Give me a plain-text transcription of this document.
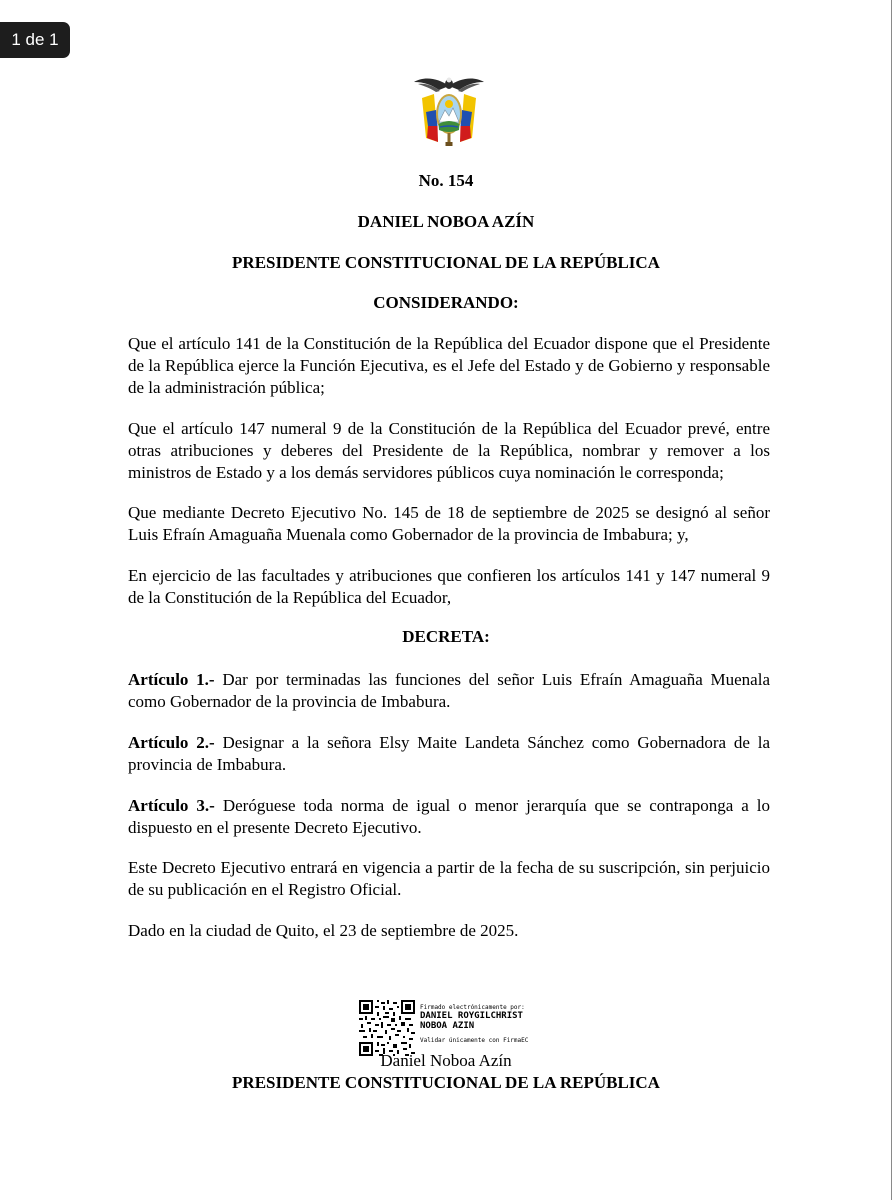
No. 154
DANIEL NOBOA AZÍN
PRESIDENTE CONSTITUCIONAL DE LA REPÚBLICA
CONSIDERANDO:
Que el artículo 141 de la Constitución de la República del Ecuador dispone que el Presidente de la República ejerce la Función Ejecutiva, es el Jefe del Estado y de Gobierno y responsable de la administración pública;
Que el artículo 147 numeral 9 de la Constitución de la República del Ecuador prevé, entre otras atribuciones y deberes del Presidente de la República, nombrar y remover a los ministros de Estado y a los demás servidores públicos cuya nominación le corresponda;
Que mediante Decreto Ejecutivo No. 145 de 18 de septiembre de 2025 se designó al señor Luis Efraín Amaguaña Muenala como Gobernador de la provincia de Imbabura; y,
En ejercicio de las facultades y atribuciones que confieren los artículos 141 y 147 numeral 9 de la Constitución de la República del Ecuador,
DECRETA:
Artículo 1.- Dar por terminadas las funciones del señor Luis Efraín Amaguaña Muenala como Gobernador de la provincia de Imbabura.
Artículo 2.- Designar a la señora Elsy Maite Landeta Sánchez como Gobernadora de la provincia de Imbabura.
Artículo 3.- Deróguese toda norma de igual o menor jerarquía que se contraponga a lo dispuesto en el presente Decreto Ejecutivo.
Este Decreto Ejecutivo entrará en vigencia a partir de la fecha de su suscripción, sin perjuicio de su publicación en el Registro Oficial.
Dado en la ciudad de Quito, el 23 de septiembre de 2025.
Firmado electrónicamente por:
DANIEL ROYGILCHRIST
NOBOA AZIN
Validar únicamente con FirmaEC
Daniel Noboa Azín
PRESIDENTE CONSTITUCIONAL DE LA REPÚBLICA
1 de 1
